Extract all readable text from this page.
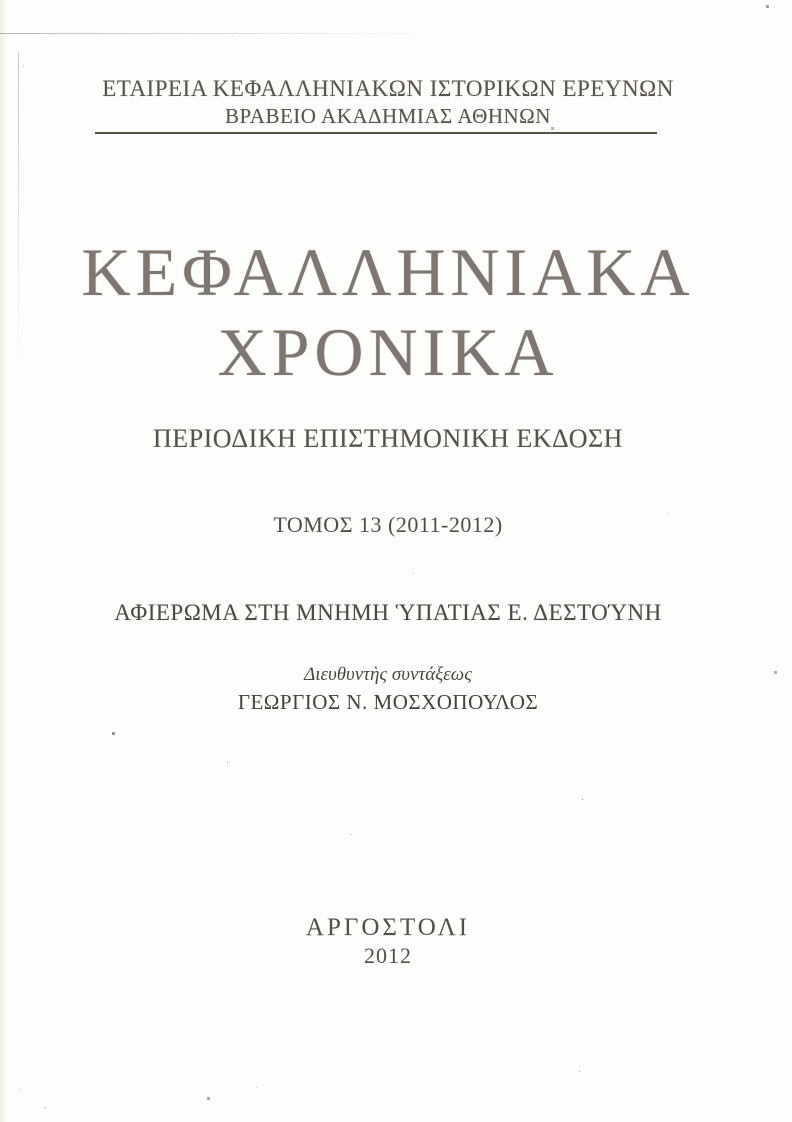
ΕΤΑΙΡΕΙΑ ΚΕΦΑΛΛΗΝΙΑΚΩΝ ΙΣΤΟΡΙΚΩΝ ΕΡΕΥΝΩΝ
ΒΡΑΒΕΙΟ ΑΚΑΔΗΜΙΑΣ ΑΘΗΝΩΝ
ΚΕΦΑΛΛΗΝΙΑΚΑ
ΧΡΟΝΙΚΑ
ΠΕΡΙΟΔΙΚΗ ΕΠΙΣΤΗΜΟΝΙΚΗ ΕΚΔΟΣΗ
ΤΟΜΟΣ 13 (2011-2012)
ΑΦΙΕΡΩΜΑ ΣΤΗ ΜΝΗΜΗ ὙΠΑΤΙΑΣ Ε. ΔΕΣΤΟΎΝΗ
Διευθυντὴς συντάξεως
ΓΕΩΡΓΙΟΣ Ν. ΜΟΣΧΟΠΟΥΛΟΣ
ΑΡΓΟΣΤΟΛΙ
2012
